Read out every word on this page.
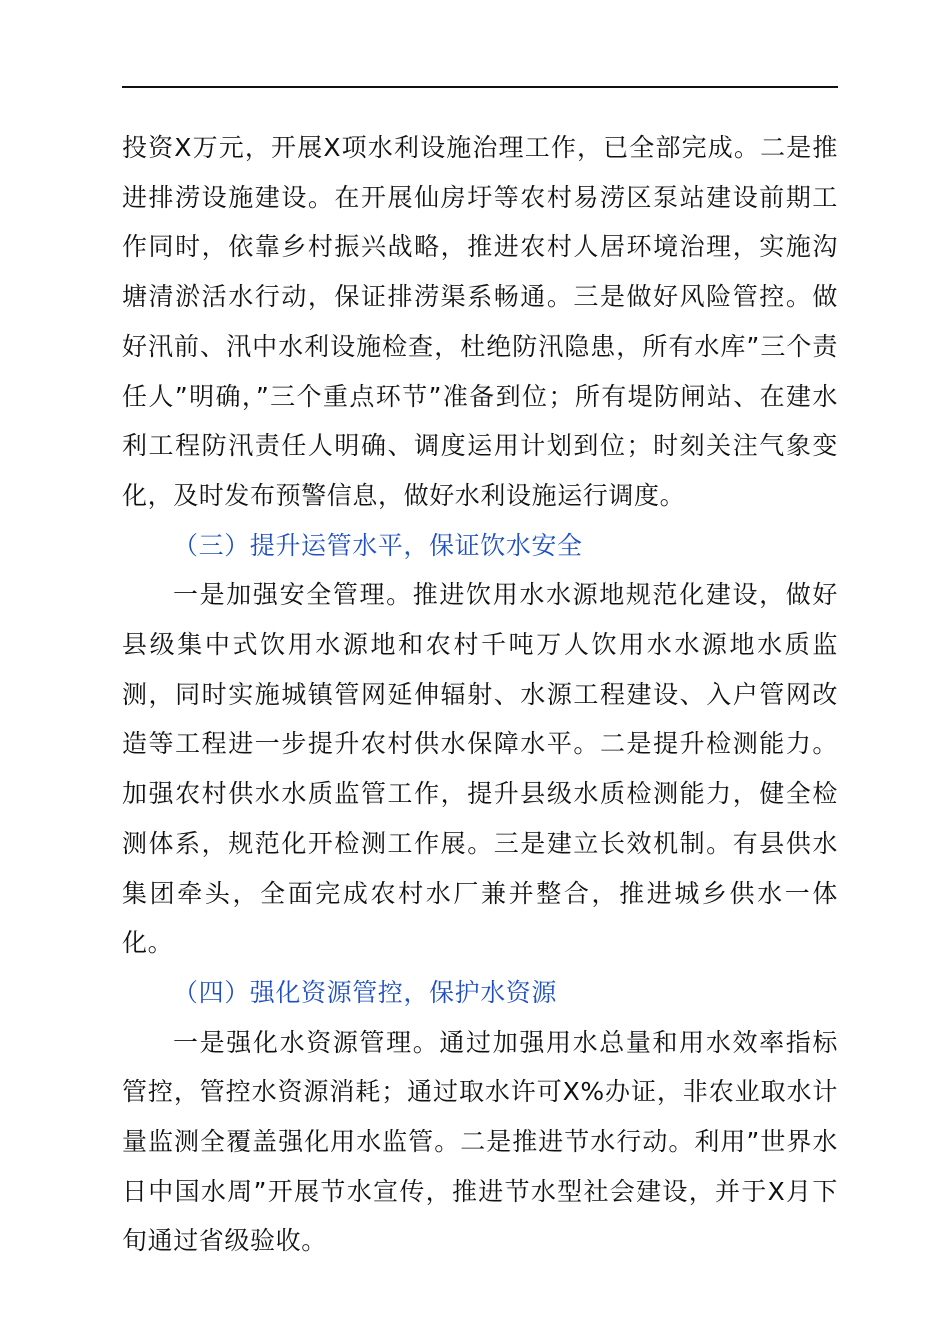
投资X万元，开展X项水利设施治理工作，已全部完成。二是推进排涝设施建设。在开展仙房圩等农村易涝区泵站建设前期工作同时，依靠乡村振兴战略，推进农村人居环境治理，实施沟塘清淤活水行动，保证排涝渠系畅通。三是做好风险管控。做好汛前、汛中水利设施检查，杜绝防汛隐患，所有水库”三个责任人”明确，”三个重点环节”准备到位；所有堤防闸站、在建水利工程防汛责任人明确、调度运用计划到位；时刻关注气象变化，及时发布预警信息，做好水利设施运行调度。

（三）提升运管水平，保证饮水安全

一是加强安全管理。推进饮用水水源地规范化建设，做好县级集中式饮用水源地和农村千吨万人饮用水水源地水质监测，同时实施城镇管网延伸辐射、水源工程建设、入户管网改造等工程进一步提升农村供水保障水平。二是提升检测能力。加强农村供水水质监管工作，提升县级水质检测能力，健全检测体系，规范化开检测工作展。三是建立长效机制。有县供水集团牵头，全面完成农村水厂兼并整合，推进城乡供水一体化。

（四）强化资源管控，保护水资源

一是强化水资源管理。通过加强用水总量和用水效率指标管控，管控水资源消耗；通过取水许可X%办证，非农业取水计量监测全覆盖强化用水监管。二是推进节水行动。利用”世界水日中国水周”开展节水宣传，推进节水型社会建设，并于X月下旬通过省级验收。
